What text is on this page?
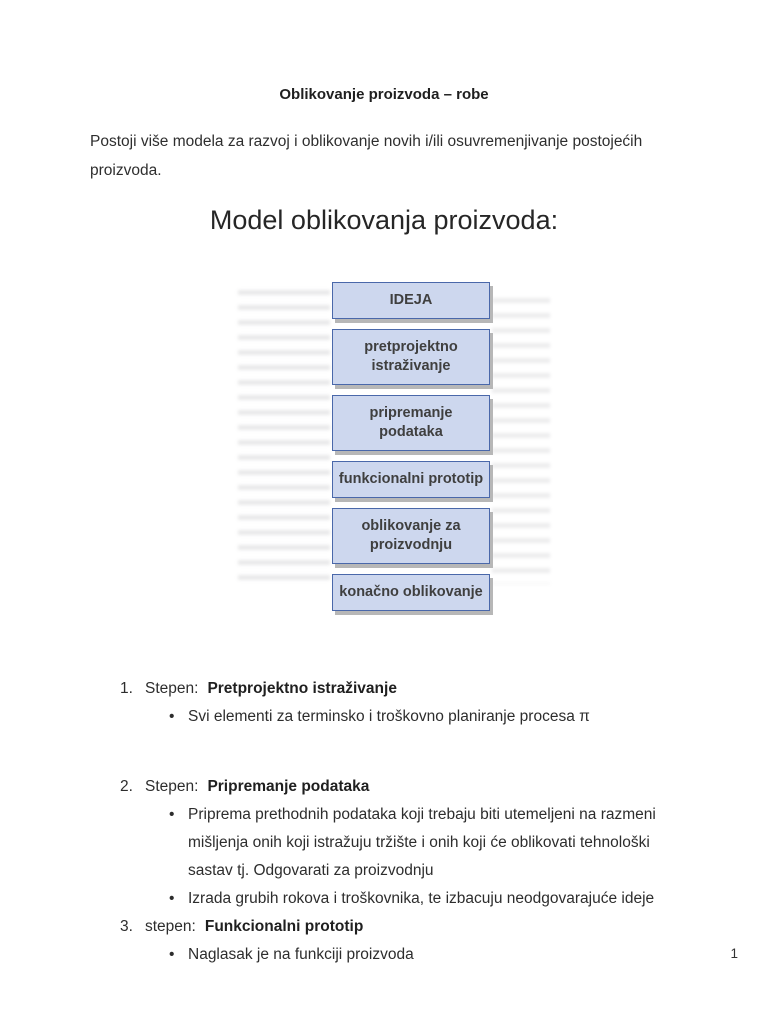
Oblikovanje proizvoda – robe
Postoji više modela za razvoj i oblikovanje novih i/ili osuvremenjivanje postojećih proizvoda.
Model oblikovanja proizvoda:
IDEJA
pretprojektno istraživanje
pripremanje podataka
funkcionalni prototip
oblikovanje za proizvodnju
konačno oblikovanje
1. Stepen: Pretprojektno istraživanje
• Svi elementi za terminsko i troškovno planiranje procesa π
2. Stepen: Pripremanje podataka
• Priprema prethodnih podataka koji trebaju biti utemeljeni na razmeni mišljenja onih koji istražuju tržište i onih koji će oblikovati tehnološki sastav tj. Odgovarati za proizvodnju
• Izrada grubih rokova i troškovnika, te izbacuju neodgovarajuće ideje
3. stepen: Funkcionalni prototip
• Naglasak je na funkciji proizvoda	1
